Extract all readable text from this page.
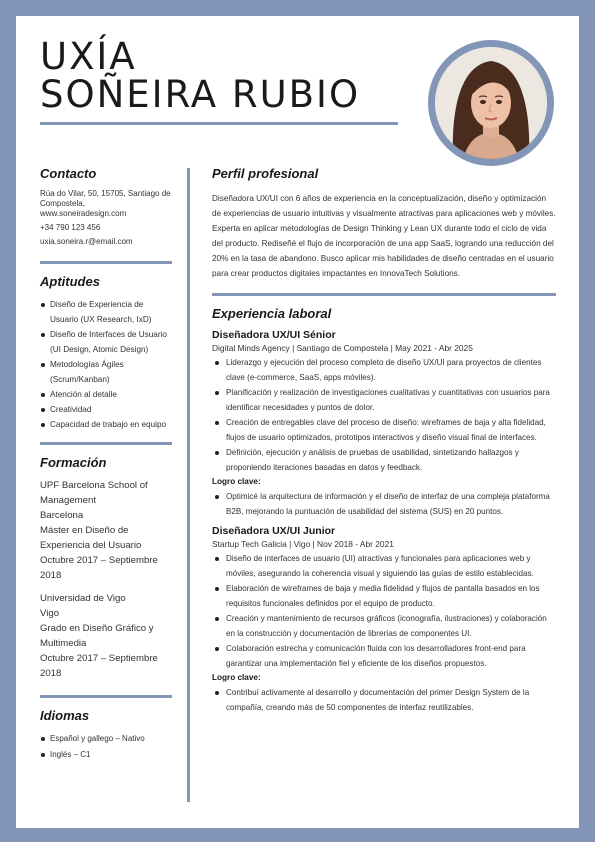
UXÍA
SOÑEIRA RUBIO
Contacto
Rúa do Vilar, 50, 15705, Santiago de Compostela,
www.soneiradesign.com
+34 790 123 456
uxia.soneira.r@email.com
Aptitudes
Diseño de Experiencia de Usuario (UX Research, IxD)
Diseño de Interfaces de Usuario (UI Design, Atomic Design)
Metodologías Ágiles (Scrum/Kanban)
Atención al detalle
Creatividad
Capacidad de trabajo en equipo
Formación
UPF Barcelona School of Management
Barcelona
Máster en Diseño de Experiencia del Usuario
Octubre 2017 – Septiembre 2018
Universidad de Vigo
Vigo
Grado en Diseño Gráfico y Multimedia
Octubre 2017 – Septiembre 2018
Idiomas
Español y gallego – Nativo
Inglés – C1
Perfil profesional
Diseñadora UX/UI con 6 años de experiencia en la conceptualización, diseño y optimización de experiencias de usuario intuitivas y visualmente atractivas para aplicaciones web y móviles. Experta en aplicar metodologías de Design Thinking y Lean UX durante todo el ciclo de vida del producto. Rediseñé el flujo de incorporación de una app SaaS, logrando una reducción del 20% en la tasa de abandono. Busco aplicar mis habilidades de diseño centradas en el usuario para crear productos digitales impactantes en InnovaTech Solutions.
Experiencia laboral
Diseñadora UX/UI Sénior
Digital Minds Agency | Santiago de Compostela | May 2021 - Abr 2025
Liderazgo y ejecución del proceso completo de diseño UX/UI para proyectos de clientes clave (e-commerce, SaaS, apps móviles).
Planificación y realización de investigaciones cualitativas y cuantitativas con usuarios para identificar necesidades y puntos de dolor.
Creación de entregables clave del proceso de diseño: wireframes de baja y alta fidelidad, flujos de usuario optimizados, prototipos interactivos y diseño visual final de interfaces.
Definición, ejecución y análisis de pruebas de usabilidad, sintetizando hallazgos y proponiendo iteraciones basadas en datos y feedback.
Logro clave:
Optimicé la arquitectura de información y el diseño de interfaz de una compleja plataforma B2B, mejorando la puntuación de usabilidad del sistema (SUS) en 20 puntos.
Diseñadora UX/UI Junior
Startup Tech Galicia | Vigo | Nov 2018 - Abr 2021
Diseño de interfaces de usuario (UI) atractivas y funcionales para aplicaciones web y móviles, asegurando la coherencia visual y siguiendo las guías de estilo establecidas.
Elaboración de wireframes de baja y media fidelidad y flujos de pantalla basados en los requisitos funcionales definidos por el equipo de producto.
Creación y mantenimiento de recursos gráficos (iconografía, ilustraciones) y colaboración en la construcción y documentación de librerías de componentes UI.
Colaboración estrecha y comunicación fluida con los desarrolladores front-end para garantizar una implementación fiel y eficiente de los diseños propuestos.
Logro clave:
Contribuí activamente al desarrollo y documentación del primer Design System de la compañía, creando más de 50 componentes de interfaz reutilizables.
